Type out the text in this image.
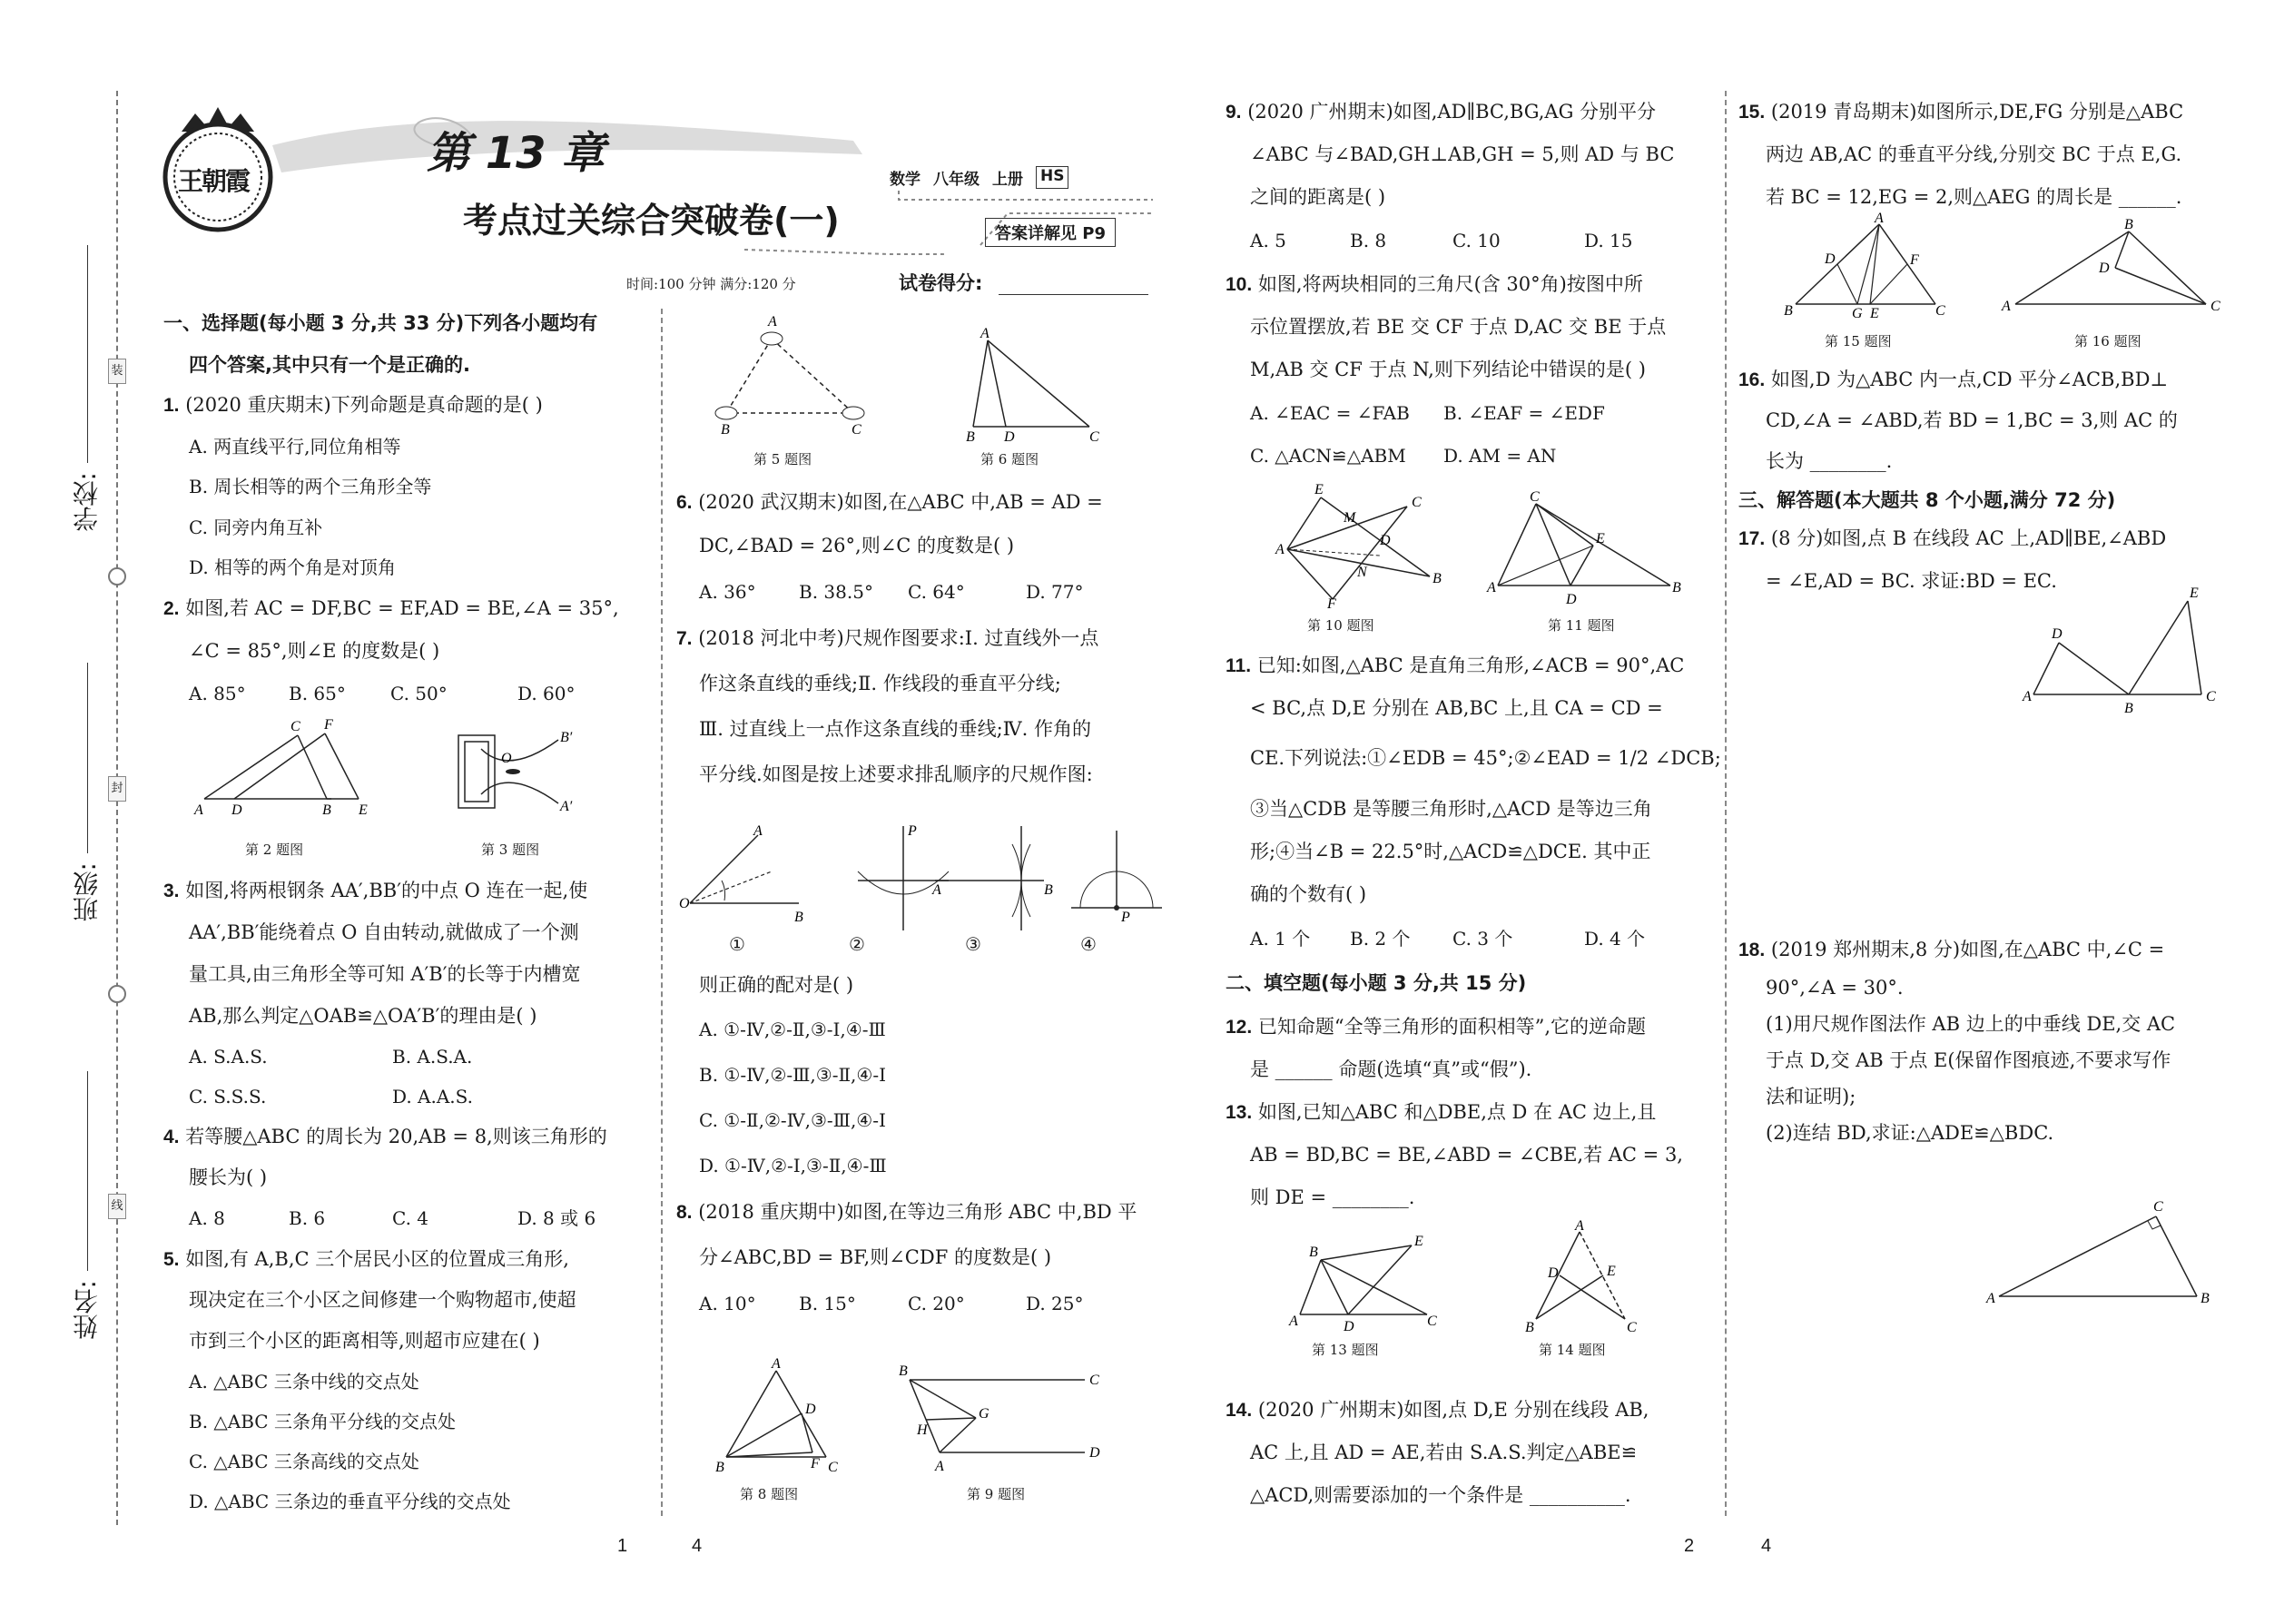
学校:
班级:
姓名:
装
封
线
王朝霞
第 13 章
考点过关综合突破卷(一)
数学 八年级 上册 HS
答案详解见 P9
时间:100 分钟 满分:120 分	试卷得分:
一、选择题(每小题 3 分,共 33 分)下列各小题均有
四个答案,其中只有一个是正确的.
1. (2020 重庆期末)下列命题是真命题的是( )
A. 两直线平行,同位角相等
B. 周长相等的两个三角形全等
C. 同旁内角互补
D. 相等的两个角是对顶角
2. 如图,若 AC = DF,BC = EF,AD = BE,∠A = 35°,
∠C = 85°,则∠E 的度数是( )
A. 85° B. 65° C. 50°	D. 60°
A D	B E
C F
第 2 题图
O
B′
A′
第 3 题图
3. 如图,将两根钢条 AA′,BB′的中点 O 连在一起,使
AA′,BB′能绕着点 O 自由转动,就做成了一个测
量工具,由三角形全等可知 A′B′的长等于内槽宽
AB,那么判定△OAB≌△OA′B′的理由是( )
A. S.A.S.	B. A.S.A.
C. S.S.S.	D. A.A.S.
4. 若等腰△ABC 的周长为 20,AB = 8,则该三角形的
腰长为( )
A. 8	B. 6	C. 4	D. 8 或 6
5. 如图,有 A,B,C 三个居民小区的位置成三角形,
现决定在三个小区之间修建一个购物超市,使超
市到三个小区的距离相等,则超市应建在( )
A. △ABC 三条中线的交点处
B. △ABC 三条角平分线的交点处
C. △ABC 三条高线的交点处
D. △ABC 三条边的垂直平分线的交点处
A
B	C
第 5 题图
A
B D	C
第 6 题图
6. (2020 武汉期末)如图,在△ABC 中,AB = AD =
DC,∠BAD = 26°,则∠C 的度数是( )
A. 36° B. 38.5° C. 64°	D. 77°
7. (2018 河北中考)尺规作图要求:Ⅰ. 过直线外一点
作这条直线的垂线;Ⅱ. 作线段的垂直平分线;
Ⅲ. 过直线上一点作这条直线的垂线;Ⅳ. 作角的
平分线.如图是按上述要求排乱顺序的尺规作图:
O
A
B
P
A	B
P
①	②	③	④
则正确的配对是( )
A. ①-Ⅳ,②-Ⅱ,③-Ⅰ,④-Ⅲ
B. ①-Ⅳ,②-Ⅲ,③-Ⅱ,④-Ⅰ
C. ①-Ⅱ,②-Ⅳ,③-Ⅲ,④-Ⅰ
D. ①-Ⅳ,②-Ⅰ,③-Ⅱ,④-Ⅲ
8. (2018 重庆期中)如图,在等边三角形 ABC 中,BD 平
分∠ABC,BD = BF,则∠CDF 的度数是( )
A. 10° B. 15°	C. 20°	D. 25°
A
B	C
D
F
第 8 题图
B
C
A
D
G
H
第 9 题图
9. (2020 广州期末)如图,AD∥BC,BG,AG 分别平分
∠ABC 与∠BAD,GH⊥AB,GH = 5,则 AD 与 BC
之间的距离是( )
A. 5	B. 8	C. 10	D. 15
10. 如图,将两块相同的三角尺(含 30°角)按图中所
示位置摆放,若 BE 交 CF 于点 D,AC 交 BE 于点
M,AB 交 CF 于点 N,则下列结论中错误的是( )
A. ∠EAC = ∠FAB B. ∠EAF = ∠EDF
C. △ACN≌△ABM D. AM = AN
A
E
C
B
F
M
D
N
第 10 题图
A
C
B
D
E
第 11 题图
11. 已知:如图,△ABC 是直角三角形,∠ACB = 90°,AC
< BC,点 D,E 分别在 AB,BC 上,且 CA = CD =
CE.下列说法:①∠EDB = 45°;②∠EAD = 1/2 ∠DCB;
③当△CDB 是等腰三角形时,△ACD 是等边三角
形;④当∠B = 22.5°时,△ACD≌△DCE. 其中正
确的个数有( )
A. 1 个 B. 2 个 C. 3 个	D. 4 个
二、填空题(每小题 3 分,共 15 分)
12. 已知命题“全等三角形的面积相等”,它的逆命题
是 ______ 命题(选填“真”或“假”).
13. 如图,已知△ABC 和△DBE,点 D 在 AC 边上,且
AB = BD,BC = BE,∠ABD = ∠CBE,若 AC = 3,
则 DE = ________.
A
B
C
D
E
第 13 题图
A
B	C
D	E
第 14 题图
14. (2020 广州期末)如图,点 D,E 分别在线段 AB,
AC 上,且 AD = AE,若由 S.A.S.判定△ABE≌
△ACD,则需要添加的一个条件是 __________.
15. (2019 青岛期末)如图所示,DE,FG 分别是△ABC
两边 AB,AC 的垂直平分线,分别交 BC 于点 E,G.
若 BC = 12,EG = 2,则△AEG 的周长是 ______.
A
B	C
D	F
G E
第 15 题图
A
B
C
D
第 16 题图
16. 如图,D 为△ABC 内一点,CD 平分∠ACB,BD⊥
CD,∠A = ∠ABD,若 BD = 1,BC = 3,则 AC 的
长为 ________.
三、解答题(本大题共 8 个小题,满分 72 分)
17. (8 分)如图,点 B 在线段 AC 上,AD∥BE,∠ABD
= ∠E,AD = BC. 求证:BD = EC.
A
D
B
C
E
18. (2019 郑州期末,8 分)如图,在△ABC 中,∠C =
90°,∠A = 30°.
(1)用尺规作图法作 AB 边上的中垂线 DE,交 AC
于点 D,交 AB 于点 E(保留作图痕迹,不要求写作
法和证明);
(2)连结 BD,求证:△ADE≌△BDC.
A
C
B
1	4	2	4
